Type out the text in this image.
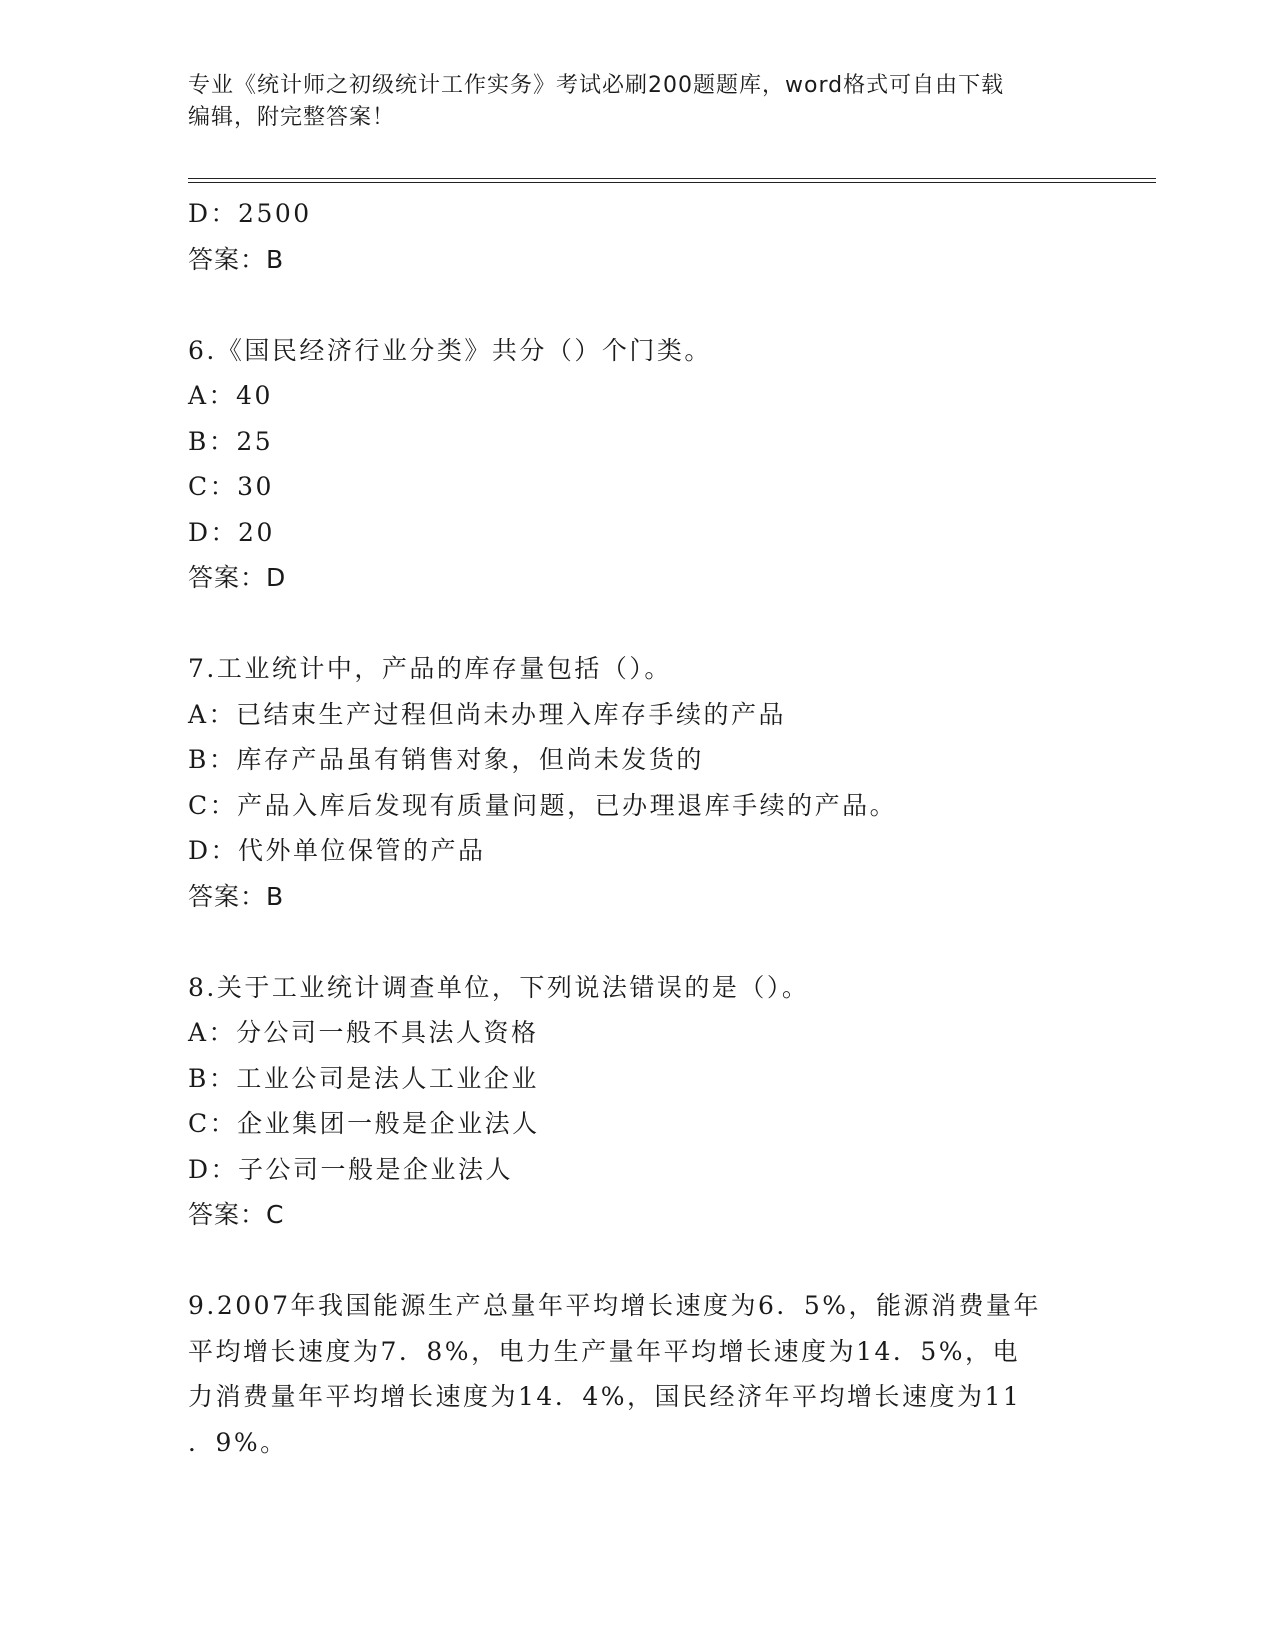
专业《统计师之初级统计工作实务》考试必刷200题题库，word格式可自由下载
编辑，附完整答案！
D：2500
答案：B
6.《国民经济行业分类》共分（）个门类。
A：40
B：25
C：30
D：20
答案：D
7.工业统计中，产品的库存量包括（）。
A：已结束生产过程但尚未办理入库存手续的产品
B：库存产品虽有销售对象，但尚未发货的
C：产品入库后发现有质量问题，已办理退库手续的产品。
D：代外单位保管的产品
答案：B
8.关于工业统计调查单位，下列说法错误的是（）。
A：分公司一般不具法人资格
B：工业公司是法人工业企业
C：企业集团一般是企业法人
D：子公司一般是企业法人
答案：C
9.2007年我国能源生产总量年平均增长速度为6．5%，能源消费量年
平均增长速度为7．8%，电力生产量年平均增长速度为14．5%，电
力消费量年平均增长速度为14．4%，国民经济年平均增长速度为11
．9%。
